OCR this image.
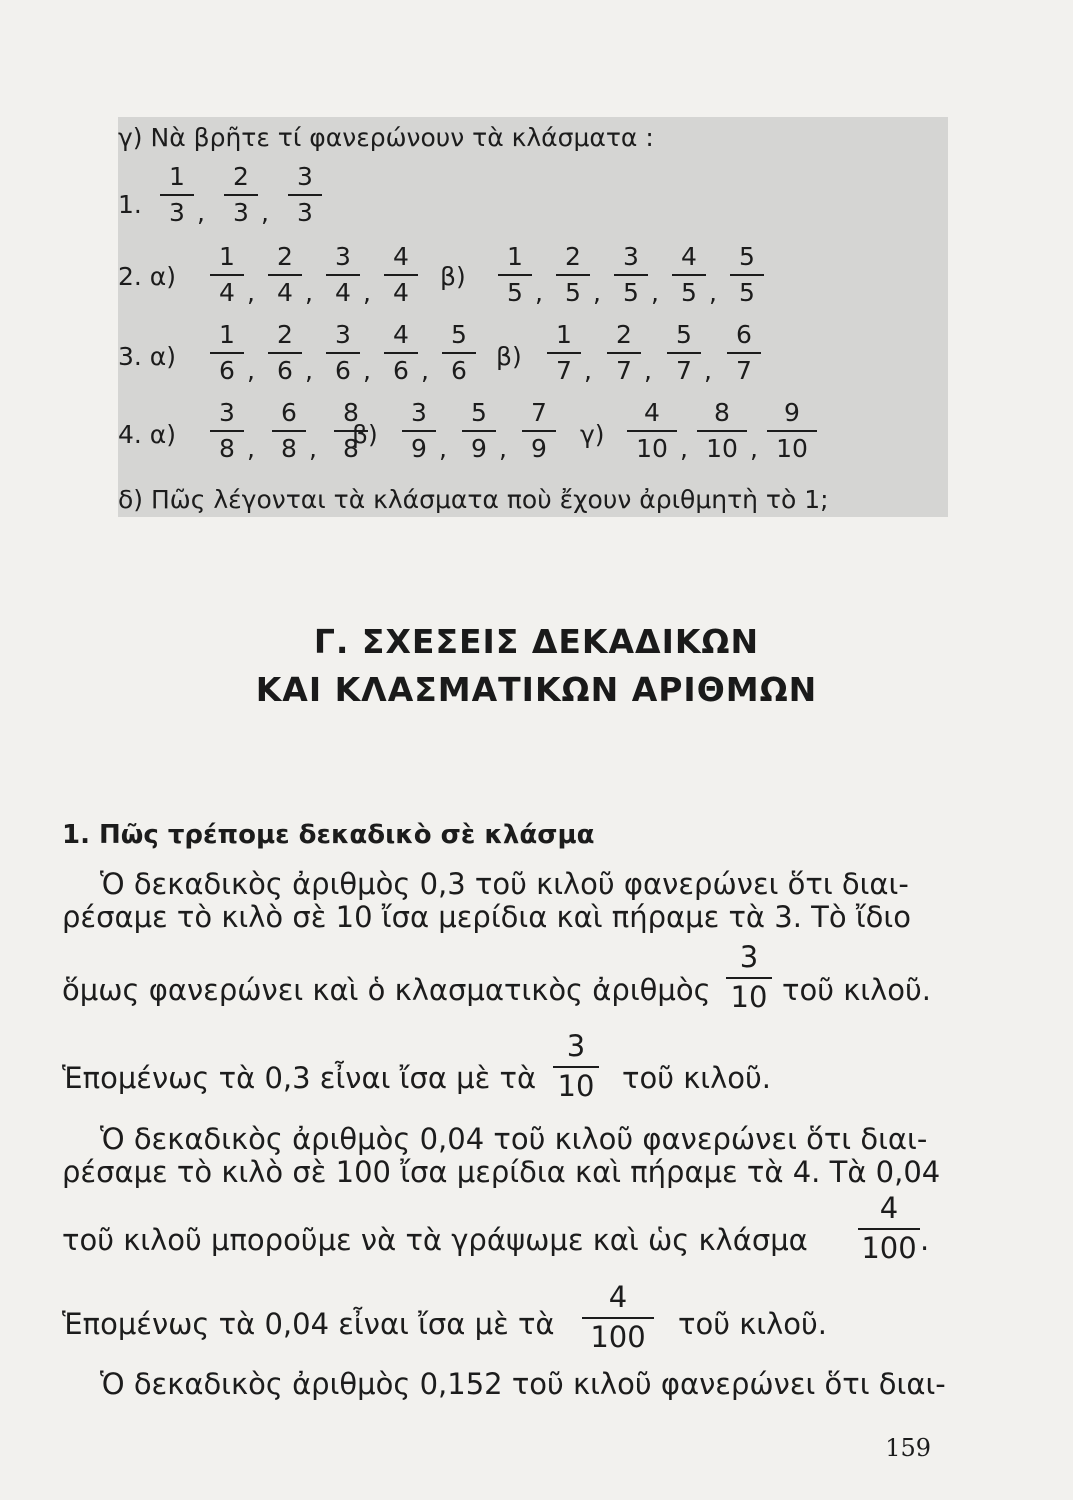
γ) Νὰ βρῆτε τί φανερώνουν τὰ κλάσματα :
1.
1
3 ,
2
3 ,
3
3
2. α)
1
4 ,
2
4 ,
3
4 ,
4
4
β)
1
5 ,
2
5 ,
3
5 ,
4
5 ,
5
5
3. α)
1
6 ,
2
6 ,
3
6 ,
4
6 ,
5
6	β)
1
7 ,
2
7 ,
5
7 ,
6
7
4. α)
3
8 ,
6
8 ,
8
8
β)
3
9 ,
5
9 ,
7
9	γ)
4
10 ,
8
10 ,
9
10
δ) Πῶς λέγονται τὰ κλάσματα ποὺ ἔχουν ἀριθμητὴ τὸ 1;
Γ. ΣΧΕΣΕΙΣ ΔΕΚΑΔΙΚΩΝ
ΚΑΙ ΚΛΑΣΜΑΤΙΚΩΝ ΑΡΙΘΜΩΝ
1. Πῶς τρέπομε δεκαδικὸ σὲ κλάσμα
Ὁ δεκαδικὸς ἀριθμὸς 0,3 τοῦ κιλοῦ φανερώνει ὅτι διαι-
ρέσαμε τὸ κιλὸ σὲ 10 ἴσα μερίδια καὶ πήραμε τὰ 3. Τὸ ἴδιο
ὅμως φανερώνει καὶ ὁ κλασματικὸς ἀριθμὸς
3
10 τοῦ κιλοῦ.
Ἑπομένως τὰ 0,3 εἶναι ἴσα μὲ τὰ
3
10 τοῦ κιλοῦ.
Ὁ δεκαδικὸς ἀριθμὸς 0,04 τοῦ κιλοῦ φανερώνει ὅτι διαι-
ρέσαμε τὸ κιλὸ σὲ 100 ἴσα μερίδια καὶ πήραμε τὰ 4. Τὰ 0,04
τοῦ κιλοῦ μποροῦμε νὰ τὰ γράψωμε καὶ ὡς κλάσμα
4
100 .
Ἑπομένως τὰ 0,04 εἶναι ἴσα μὲ τὰ
4
100 τοῦ κιλοῦ.
Ὁ δεκαδικὸς ἀριθμὸς 0,152 τοῦ κιλοῦ φανερώνει ὅτι διαι-
159
